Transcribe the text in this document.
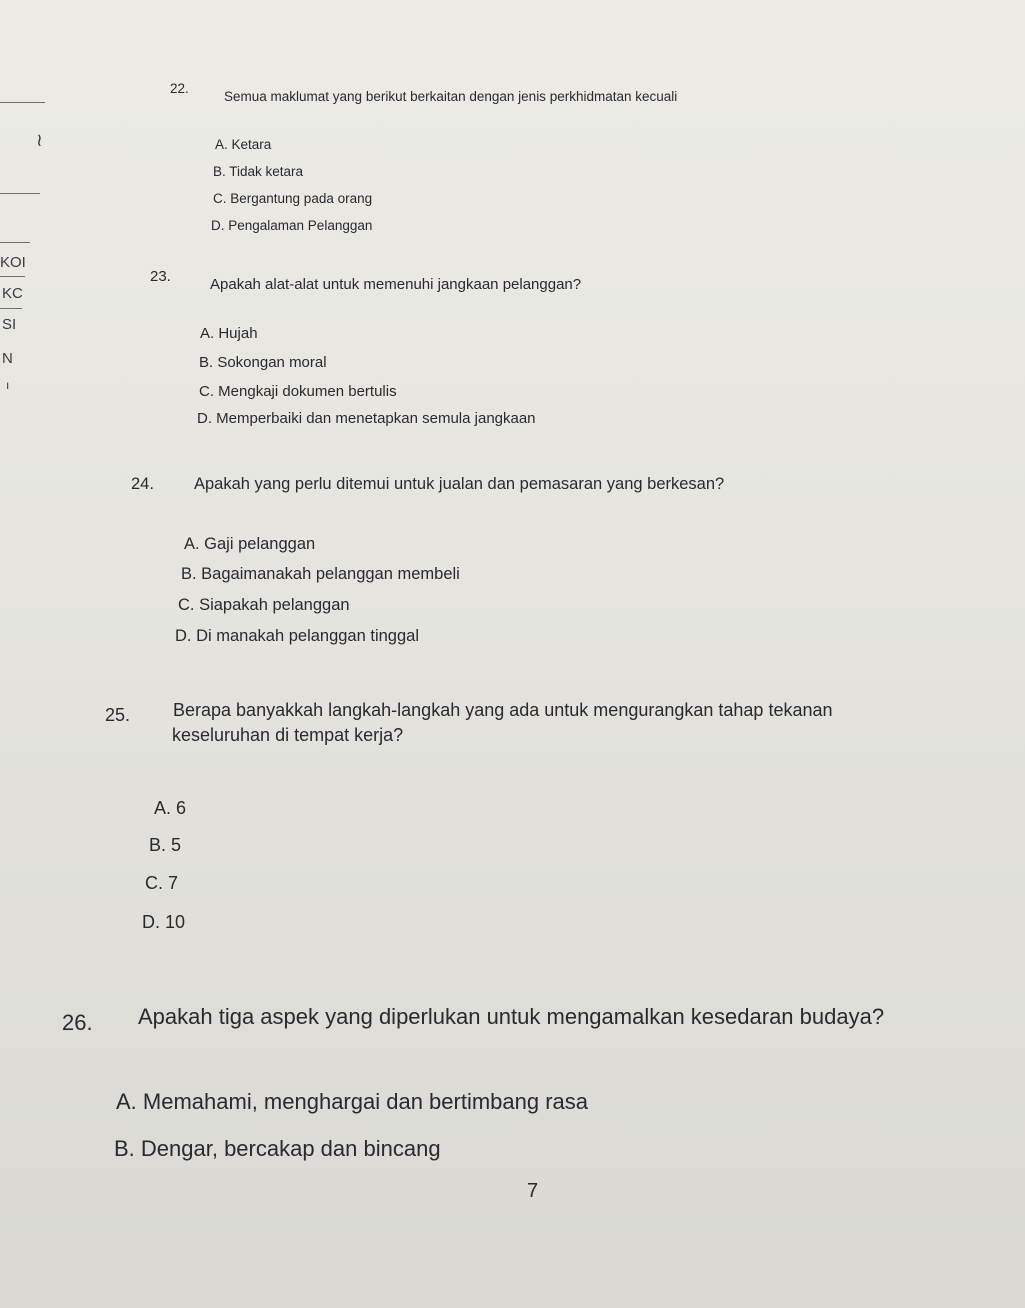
≀
KOI
KC
SI
N
ı
22.
Semua maklumat yang berikut berkaitan dengan jenis perkhidmatan kecuali
A. Ketara
B. Tidak ketara
C. Bergantung pada orang
D. Pengalaman Pelanggan
23.	Apakah alat-alat untuk memenuhi jangkaan pelanggan?
A. Hujah
B. Sokongan moral
C. Mengkaji dokumen bertulis
D. Memperbaiki dan menetapkan semula jangkaan
24. Apakah yang perlu ditemui untuk jualan dan pemasaran yang berkesan?
A. Gaji pelanggan
B. Bagaimanakah pelanggan membeli
C. Siapakah pelanggan
D. Di manakah pelanggan tinggal
25. Berapa banyakkah langkah-langkah yang ada untuk mengurangkan tahap tekanan
keseluruhan di tempat kerja?
A. 6
B. 5
C. 7
D. 10
26. Apakah tiga aspek yang diperlukan untuk mengamalkan kesedaran budaya?
A. Memahami, menghargai dan bertimbang rasa
B. Dengar, bercakap dan bincang
7
